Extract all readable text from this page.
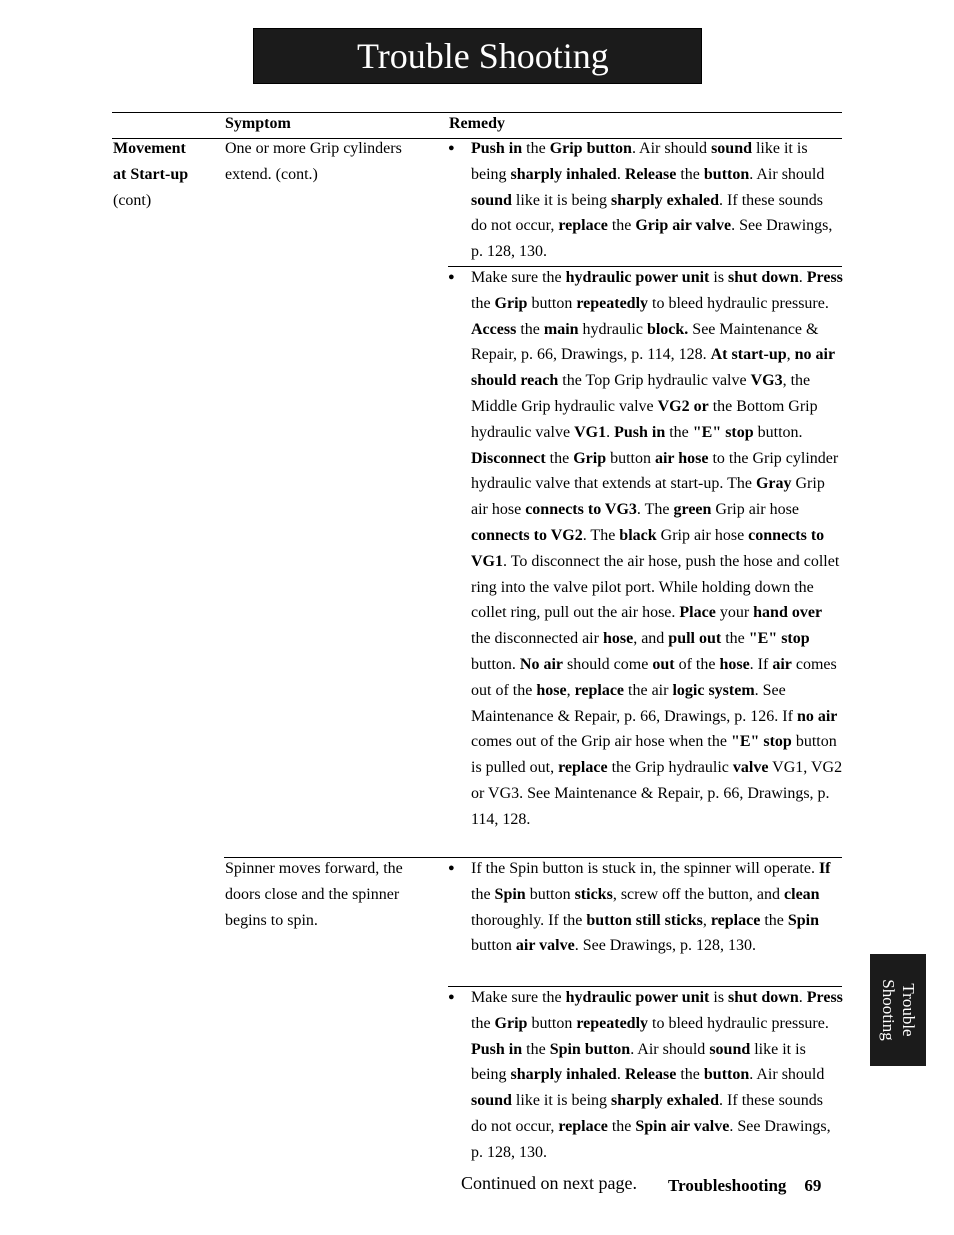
Trouble Shooting
Symptom	Remedy
Movement
at Start-up
(cont)
One or more Grip cylinders
extend. (cont.)
Spinner moves forward, the
doors close and the spinner
begins to spin.
● Push in the Grip button. Air should sound like it is being sharply inhaled. Release the button. Air should sound like it is being sharply exhaled. If these sounds do not occur, replace the Grip air valve. See Drawings, p. 128, 130.
● Make sure the hydraulic power unit is shut down. Press the Grip button repeatedly to bleed hydraulic pressure. Access the main hydraulic block. See Maintenance & Repair, p. 66, Drawings, p. 114, 128. At start-up, no air should reach the Top Grip hydraulic valve VG3, the Middle Grip hydraulic valve VG2 or the Bottom Grip hydraulic valve VG1. Push in the "E" stop button. Disconnect the Grip button air hose to the Grip cylinder hydraulic valve that extends at start-up. The Gray Grip air hose connects to VG3. The green Grip air hose connects to VG2. The black Grip air hose connects to VG1. To disconnect the air hose, push the hose and collet ring into the valve pilot port. While holding down the collet ring, pull out the air hose. Place your hand over the disconnected air hose, and pull out the "E" stop button. No air should come out of the hose. If air comes out of the hose, replace the air logic system. See Maintenance & Repair, p. 66, Drawings, p. 126. If no air comes out of the Grip air hose when the "E" stop button is pulled out, replace the Grip hydraulic valve VG1, VG2 or VG3. See Maintenance & Repair, p. 66, Drawings, p. 114, 128.
● If the Spin button is stuck in, the spinner will operate. If the Spin button sticks, screw off the button, and clean thoroughly. If the button still sticks, replace the Spin button air valve. See Drawings, p. 128, 130.
● Make sure the hydraulic power unit is shut down. Press the Grip button repeatedly to bleed hydraulic pressure. Push in the Spin button. Air should sound like it is being sharply inhaled. Release the button. Air should sound like it is being sharply exhaled. If these sounds do not occur, replace the Spin air valve. See Drawings, p. 128, 130.
Trouble
Shooting
Continued on next page. Troubleshooting 69
